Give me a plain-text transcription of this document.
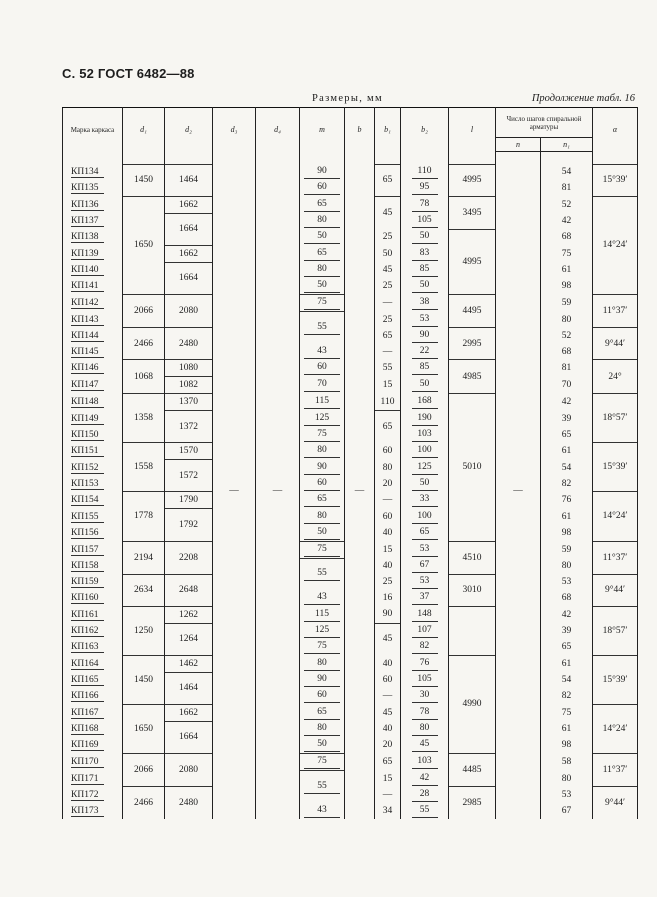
С. 52 ГОСТ 6482—88
Размеры, мм	Продолжение табл. 16
Марка каркаса	d₁	d₂	d₃	d₄	m	b	b₁	b₂	l	Число шагов спиральной арматуры		α
										n	n₁	

КП134	1450	1464	—	—	90	—	65	110	4995	—	54	15°39′
КП135					60			95			81	
КП136	1650	1662			65		45	78	3495		52	14°24′
КП137		1664			80			105			42	
КП138					50		25	50	4995		68	
КП139		1662			65		50	83			75	
КП140		1664			80		45	85			61	
КП141					50		25	50			98	
КП142	2066	2080			75		—	38	4495		59	11°37′
КП143					55		25	53			80	
КП144	2466	2480					65	90	2995		52	9°44′
КП145					43		—	22			68	
КП146	1068	1080			60		55	85	4985		81	24°
КП147		1082			70		15	50			70	
КП148	1358	1370			115		110	168	5010		42	18°57′
КП149		1372			125		65	190			39	
КП150					75			103			65	
КП151	1558	1570			80		60	100			61	15°39′
КП152		1572			90		80	125			54	
КП153					60		20	50			82	
КП154	1778	1790			65		—	33			76	14°24′
КП155		1792			80		60	100			61	
КП156					50		40	65			98	
КП157	2194	2208			75		15	53	4510		59	11°37′
КП158					55		40	67			80	
КП159	2634	2648					25	53	3010		53	9°44′
КП160					43		16	37			68	
КП161	1250	1262			115		90	148			42	18°57′
КП162		1264			125		45	107			39	
КП163					75			82			65	
КП164	1450	1462			80		40	76	4990		61	15°39′
КП165		1464			90		60	105			54	
КП166					60		—	30			82	
КП167	1650	1662			65		45	78			75	14°24′
КП168		1664			80		40	80			61	
КП169					50		20	45			98	
КП170	2066	2080			75		65	103	4485		58	11°37′
КП171					55		15	42			80	
КП172	2466	2480					—	28	2985		53	9°44′
КП173					43		34	55			67	
